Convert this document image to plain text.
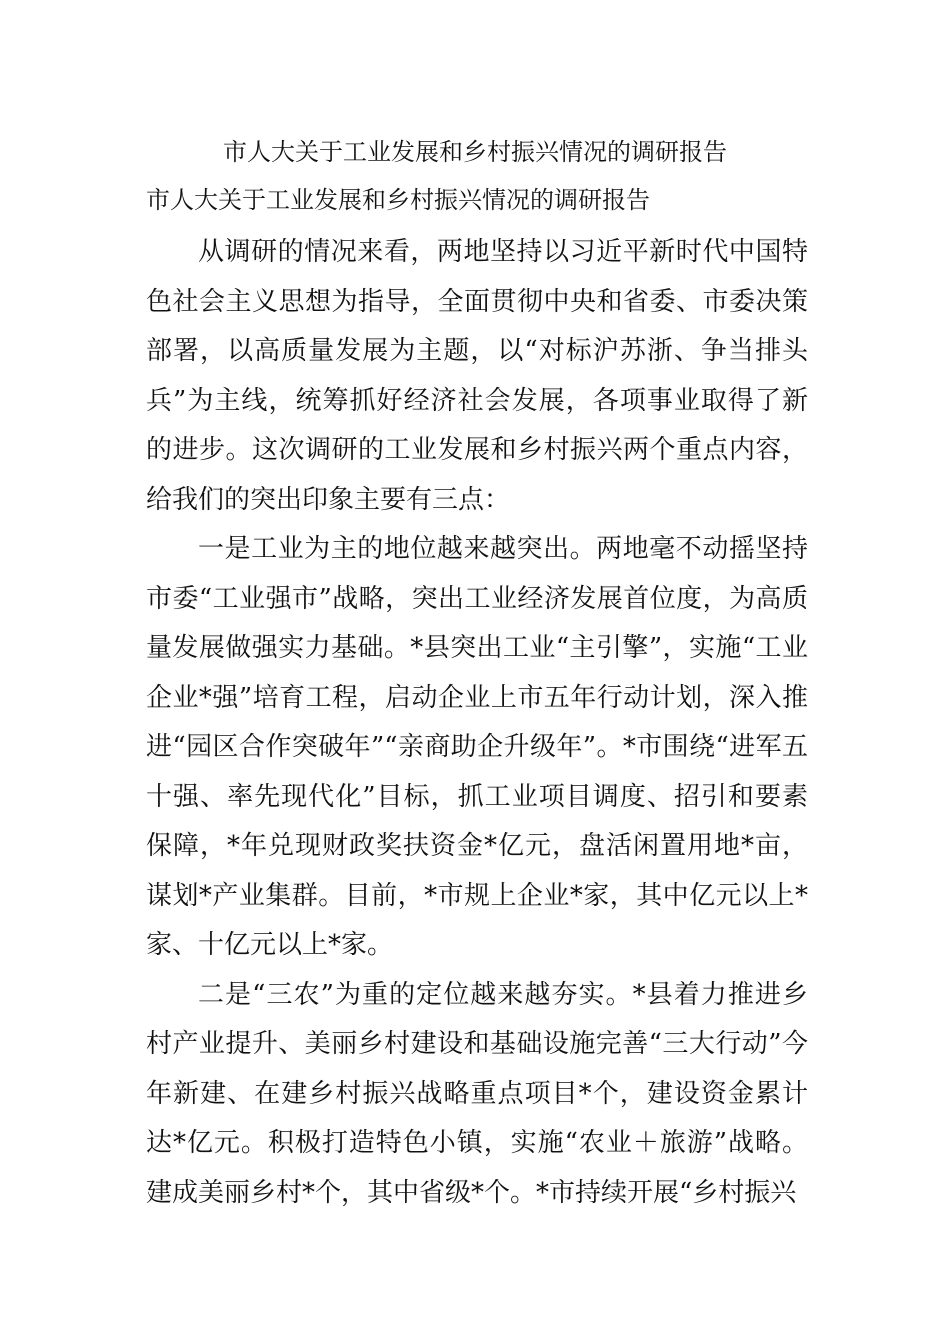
市人大关于工业发展和乡村振兴情况的调研报告
市人大关于工业发展和乡村振兴情况的调研报告

从调研的情况来看，两地坚持以习近平新时代中国特色社会主义思想为指导，全面贯彻中央和省委、市委决策部署，以高质量发展为主题，以“对标沪苏浙、争当排头兵”为主线，统筹抓好经济社会发展，各项事业取得了新的进步。这次调研的工业发展和乡村振兴两个重点内容，给我们的突出印象主要有三点：

一是工业为主的地位越来越突出。两地毫不动摇坚持市委“工业强市”战略，突出工业经济发展首位度，为高质量发展做强实力基础。*县突出工业“主引擎”，实施“工业企业*强”培育工程，启动企业上市五年行动计划，深入推进“园区合作突破年”“亲商助企升级年”。*市围绕“进军五十强、率先现代化”目标，抓工业项目调度、招引和要素保障，*年兑现财政奖扶资金*亿元，盘活闲置用地*亩，谋划*产业集群。目前，*市规上企业*家，其中亿元以上*家、十亿元以上*家。

二是“三农”为重的定位越来越夯实。*县着力推进乡村产业提升、美丽乡村建设和基础设施完善“三大行动”今年新建、在建乡村振兴战略重点项目*个，建设资金累计达*亿元。积极打造特色小镇，实施“农业＋旅游”战略。建成美丽乡村*个，其中省级*个。*市持续开展“乡村振兴
